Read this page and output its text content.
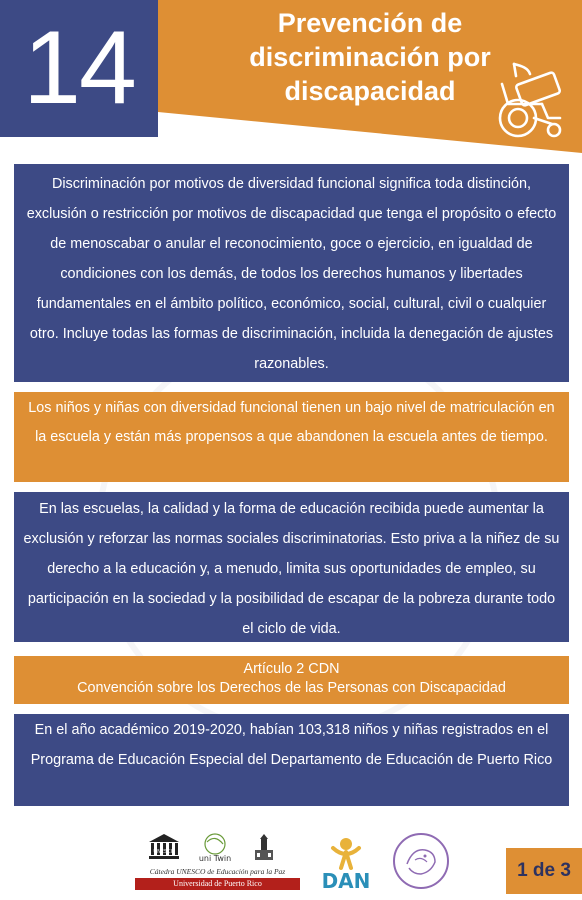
14	Prevención de
discriminación por
discapacidad
Discriminación por motivos de diversidad funcional significa toda distinción, exclusión o restricción por motivos de discapacidad que tenga el propósito o efecto de menoscabar o anular el reconocimiento, goce o ejercicio, en igualdad de condiciones con los demás, de todos los derechos humanos y libertades fundamentales en el ámbito político, económico, social, cultural, civil o cualquier otro. Incluye todas las formas de discriminación, incluida la denegación de ajustes razonables.
Los niños y niñas con diversidad funcional tienen un bajo nivel de matriculación en la escuela y están más propensos a que abandonen la escuela antes de tiempo.
En las escuelas, la calidad y la forma de educación recibida puede aumentar la exclusión y reforzar las normas sociales discriminatorias. Esto priva a la niñez de su derecho a la educación y, a menudo, limita sus oportunidades de empleo, su participación en la sociedad y la posibilidad de escapar de la pobreza durante todo el ciclo de vida.
Artículo 2 CDN
Convención sobre los Derechos de las Personas con Discapacidad
En el año académico 2019-2020, habían 103,318 niños y niñas registrados en el Programa de Educación Especial del Departamento de Educación de Puerto Rico
UNESCO
uni Twin
Cátedra UNESCO de Educación para la Paz
Universidad de Puerto Rico	DAN	1 de 3
